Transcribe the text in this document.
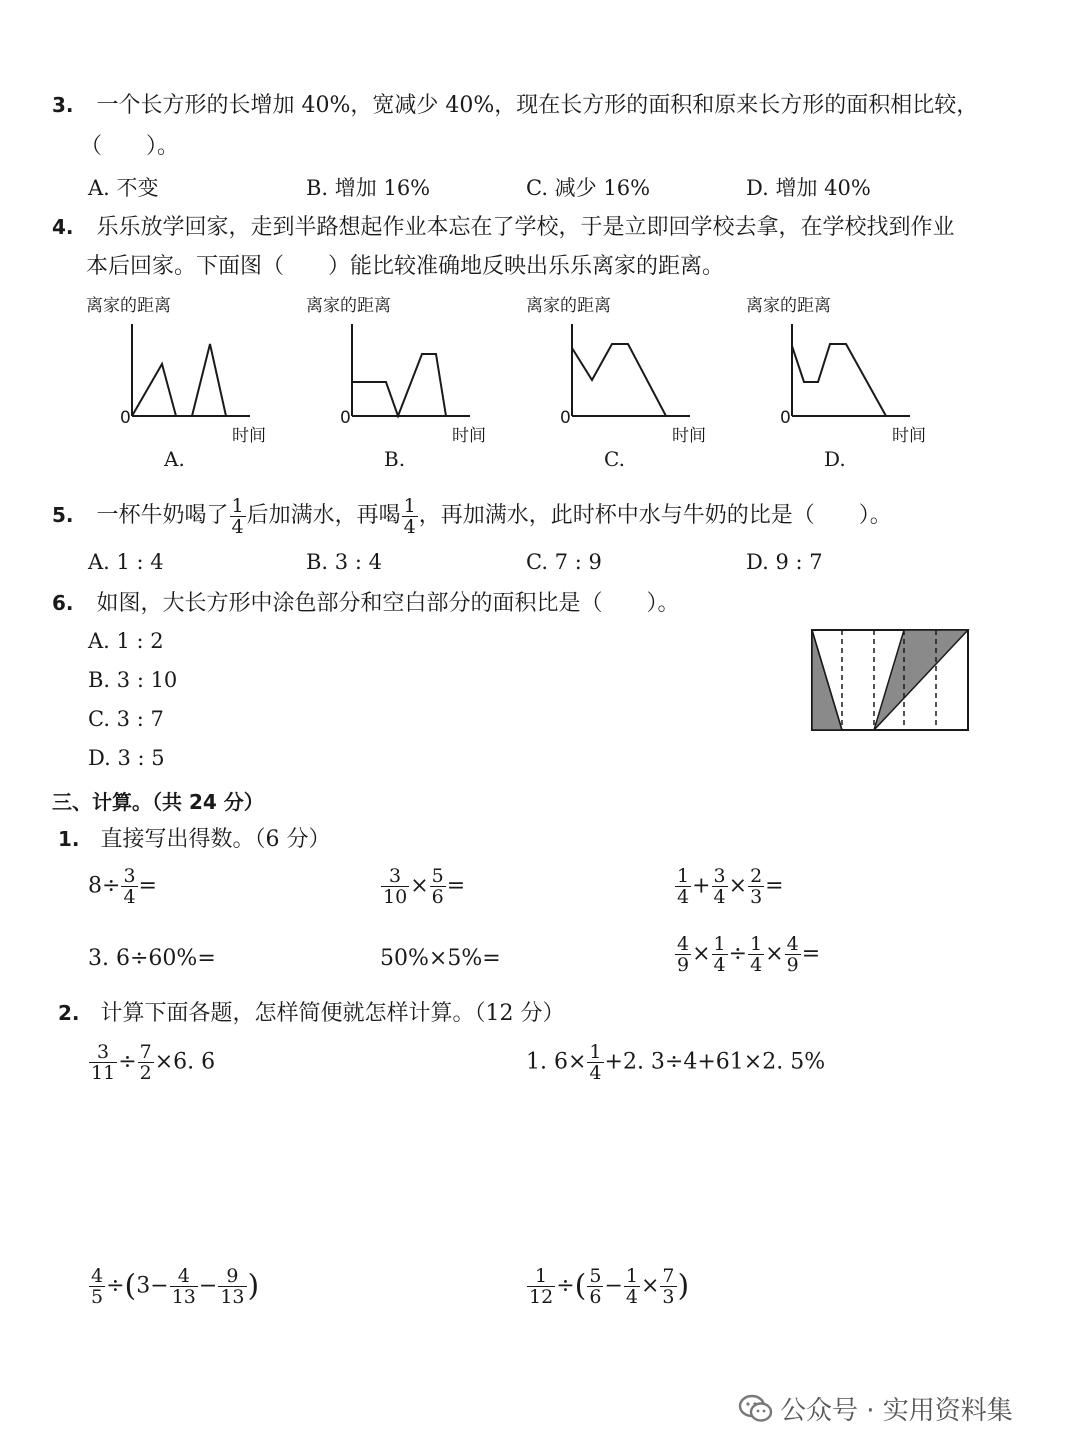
3. 一个长方形的长增加 40%，宽减少 40%，现在长方形的面积和原来长方形的面积相比较，
（　　）。
A. 不变	B. 增加 16%	C. 减少 16%	D. 增加 40%
4. 乐乐放学回家，走到半路想起作业本忘在了学校，于是立即回学校去拿，在学校找到作业
本后回家。下面图（　　）能比较准确地反映出乐乐离家的距离。
离家的距离
0
时间
A.
离家的距离
0
时间
B.
离家的距离
0
时间
C.
离家的距离
0
时间
D.
5. 一杯牛奶喝了 $\frac{1}{4}$ 后加满水，再喝 $\frac{1}{4}$ ，再加满水，此时杯中水与牛奶的比是（　　）。
A. 1 : 4	B. 3 : 4	C. 7 : 9	D. 9 : 7
6. 如图，大长方形中涂色部分和空白部分的面积比是（　　）。
A. 1 : 2
B. 3 : 10
C. 3 : 7
D. 3 : 5
三、计算。（共 24 分）
1. 直接写出得数。（6 分）
$8\div \frac{3}{4}$ =	$\frac{3}{10} \times \frac{5}{6}$ =	$\frac{1}{4} + \frac{3}{4} \times \frac{2}{3}$ =
3. 6÷60%=	50%×5%=	$\frac{4}{9} \times \frac{1}{4} \div \frac{1}{4} \times \frac{4}{9}$ =
2. 计算下面各题，怎样简便就怎样计算。（12 分）
$\frac{3}{11} \div \frac{7}{2} \times 6$. 6	1. $6\times \frac{1}{4} +2$. 3÷4+61×2. 5%
$\frac{4}{5} \div(3- \frac{4}{13} - \frac{9}{13}$ )	$\frac{1}{12}$ ÷( $\frac{5}{6} - \frac{1}{4} \times \frac{7}{3}$ )
公众号 · 实用资料集
